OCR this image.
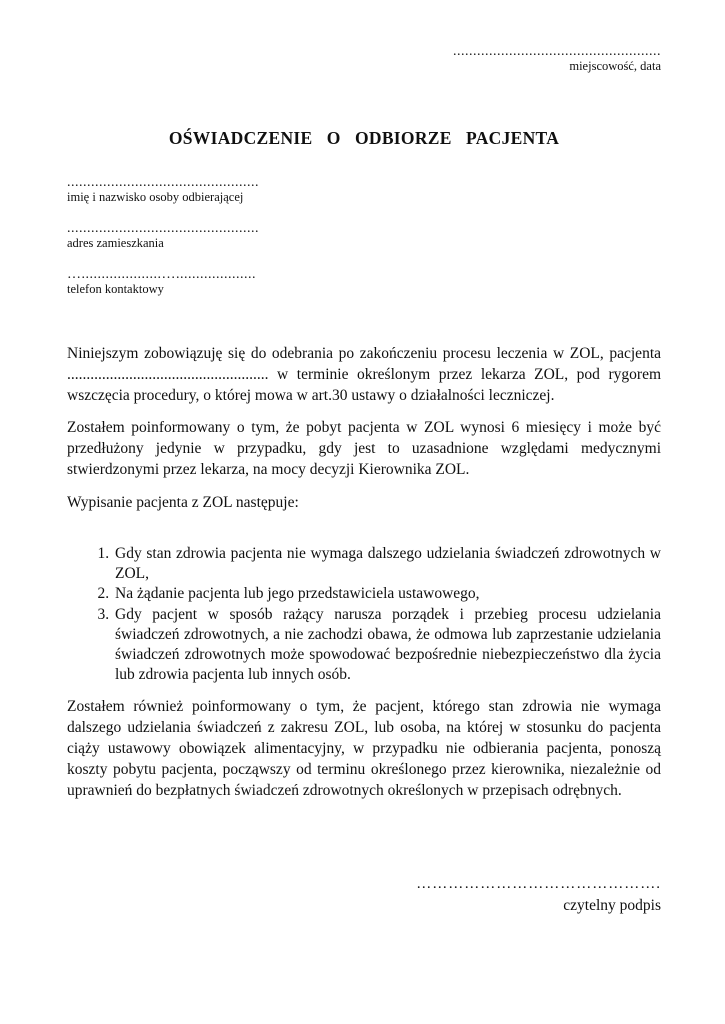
....................................................
miejscowość, data
OŚWIADCZENIE O ODBIORZE PACJENTA
................................................
imię i nazwisko osoby odbierającej
................................................
adres zamieszkania
…....................…....................
telefon kontaktowy

Niniejszym zobowiązuję się do odebrania po zakończeniu procesu leczenia w ZOL, pacjenta .................................................... w terminie określonym przez lekarza ZOL, pod rygorem wszczęcia procedury, o której mowa w art.30 ustawy o działalności leczniczej.

Zostałem poinformowany o tym, że pobyt pacjenta w ZOL wynosi 6 miesięcy i może być przedłużony jedynie w przypadku, gdy jest to uzasadnione względami medycznymi stwierdzonymi przez lekarza, na mocy decyzji Kierownika ZOL.

Wypisanie pacjenta z ZOL następuje:

1. Gdy stan zdrowia pacjenta nie wymaga dalszego udzielania świadczeń zdrowotnych w ZOL,
2. Na żądanie pacjenta lub jego przedstawiciela ustawowego,
3. Gdy pacjent w sposób rażący narusza porządek i przebieg procesu udzielania świadczeń zdrowotnych, a nie zachodzi obawa, że odmowa lub zaprzestanie udzielania świadczeń zdrowotnych może spowodować bezpośrednie niebezpieczeństwo dla życia lub zdrowia pacjenta lub innych osób.

Zostałem również poinformowany o tym, że pacjent, którego stan zdrowia nie wymaga dalszego udzielania świadczeń z zakresu ZOL, lub osoba, na której w stosunku do pacjenta ciąży ustawowy obowiązek alimentacyjny, w przypadku nie odbierania pacjenta, ponoszą koszty pobytu pacjenta, począwszy od terminu określonego przez kierownika, niezależnie od uprawnień do bezpłatnych świadczeń zdrowotnych określonych w przepisach odrębnych.

……………………………………….
czytelny podpis
